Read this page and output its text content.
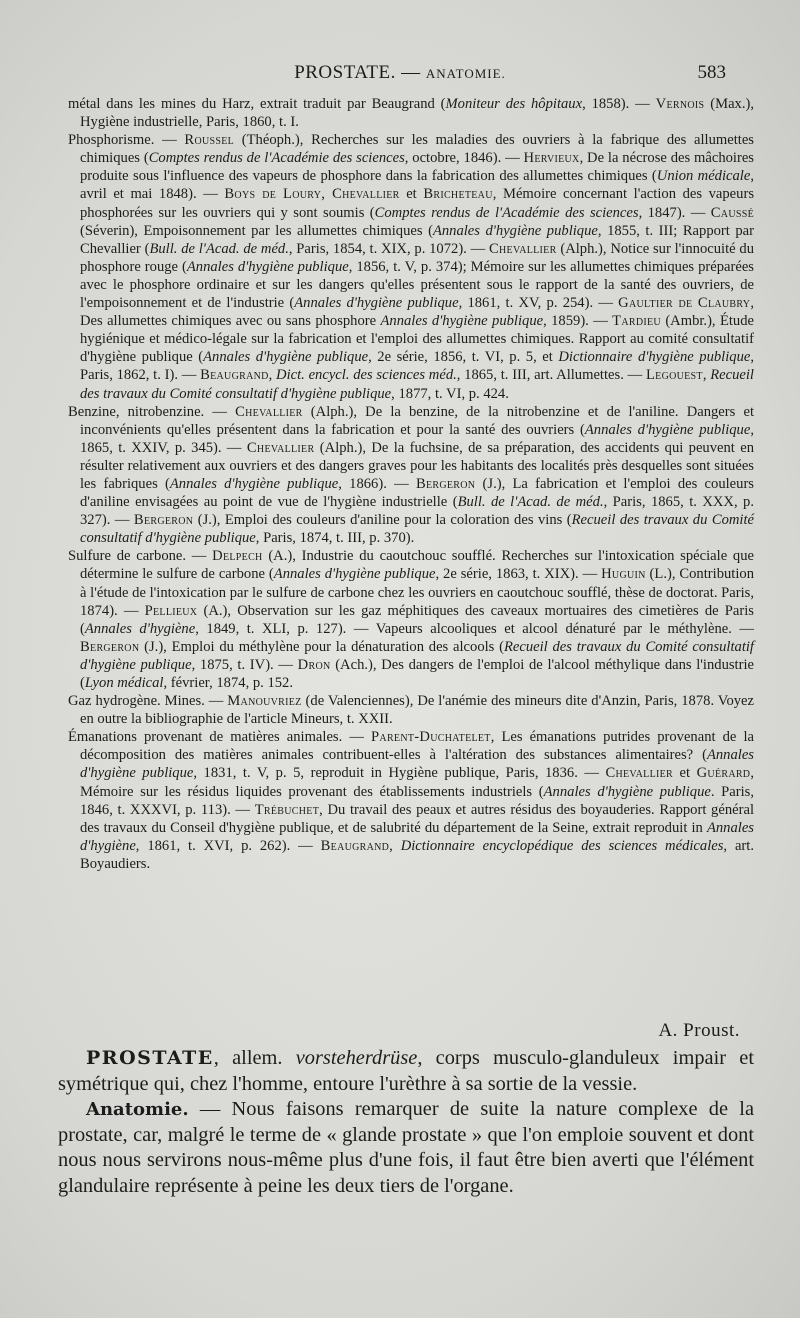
PROSTATE. — ANATOMIE.	583

métal dans les mines du Harz, extrait traduit par Beaugrand (Moniteur des hôpitaux, 1858). — Vernois (Max.), Hygiène industrielle, Paris, 1860, t. I.

Phosphorisme. — Roussel (Théoph.), Recherches sur les maladies des ouvriers à la fabrique des allumettes chimiques (Comptes rendus de l'Académie des sciences, octobre, 1846). — Hervieux, De la nécrose des mâchoires produite sous l'influence des vapeurs de phosphore dans la fabrication des allumettes chimiques (Union médicale, avril et mai 1848). — Boys de Loury, Chevallier et Bricheteau, Mémoire concernant l'action des vapeurs phosphorées sur les ouvriers qui y sont soumis (Comptes rendus de l'Académie des sciences, 1847). — Caussé (Séverin), Empoisonnement par les allumettes chimiques (Annales d'hygiène publique, 1855, t. III; Rapport par Chevallier (Bull. de l'Acad. de méd., Paris, 1854, t. XIX, p. 1072). — Chevallier (Alph.), Notice sur l'innocuité du phosphore rouge (Annales d'hygiène publique, 1856, t. V, p. 374); Mémoire sur les allumettes chimiques préparées avec le phosphore ordinaire et sur les dangers qu'elles présentent sous le rapport de la santé des ouvriers, de l'empoisonnement et de l'industrie (Annales d'hygiène publique, 1861, t. XV, p. 254). — Gaultier de Claubry, Des allumettes chimiques avec ou sans phosphore Annales d'hygiène publique, 1859). — Tardieu (Ambr.), Étude hygiénique et médico-légale sur la fabrication et l'emploi des allumettes chimiques. Rapport au comité consultatif d'hygiène publique (Annales d'hygiène publique, 2e série, 1856, t. VI, p. 5, et Dictionnaire d'hygiène publique, Paris, 1862, t. I). — Beaugrand, Dict. encycl. des sciences méd., 1865, t. III, art. Allumettes. — Legouest, Recueil des travaux du Comité consultatif d'hygiène publique, 1877, t. VI, p. 424.

Benzine, nitrobenzine. — Chevallier (Alph.), De la benzine, de la nitrobenzine et de l'aniline. Dangers et inconvénients qu'elles présentent dans la fabrication et pour la santé des ouvriers (Annales d'hygiène publique, 1865, t. XXIV, p. 345). — Chevallier (Alph.), De la fuchsine, de sa préparation, des accidents qui peuvent en résulter relativement aux ouvriers et des dangers graves pour les habitants des localités près desquelles sont situées les fabriques (Annales d'hygiène publique, 1866). — Bergeron (J.), La fabrication et l'emploi des couleurs d'aniline envisagées au point de vue de l'hygiène industrielle (Bull. de l'Acad. de méd., Paris, 1865, t. XXX, p. 327). — Bergeron (J.), Emploi des couleurs d'aniline pour la coloration des vins (Recueil des travaux du Comité consultatif d'hygiène publique, Paris, 1874, t. III, p. 370).

Sulfure de carbone. — Delpech (A.), Industrie du caoutchouc soufflé. Recherches sur l'intoxication spéciale que détermine le sulfure de carbone (Annales d'hygiène publique, 2e série, 1863, t. XIX). — Huguin (L.), Contribution à l'étude de l'intoxication par le sulfure de carbone chez les ouvriers en caoutchouc soufflé, thèse de doctorat. Paris, 1874). — Pellieux (A.), Observation sur les gaz méphitiques des caveaux mortuaires des cimetières de Paris (Annales d'hygiène, 1849, t. XLI, p. 127). — Vapeurs alcooliques et alcool dénaturé par le méthylène. — Bergeron (J.), Emploi du méthylène pour la dénaturation des alcools (Recueil des travaux du Comité consultatif d'hygiène publique, 1875, t. IV). — Dron (Ach.), Des dangers de l'emploi de l'alcool méthylique dans l'industrie (Lyon médical, février, 1874, p. 152.

Gaz hydrogène. Mines. — Manouvriez (de Valenciennes), De l'anémie des mineurs dite d'Anzin, Paris, 1878. Voyez en outre la bibliographie de l'article Mineurs, t. XXII.

Émanations provenant de matières animales. — Parent-Duchatelet, Les émanations putrides provenant de la décomposition des matières animales contribuent-elles à l'altération des substances alimentaires? (Annales d'hygiène publique, 1831, t. V, p. 5, reproduit in Hygiène publique, Paris, 1836. — Chevallier et Guérard, Mémoire sur les résidus liquides provenant des établissements industriels (Annales d'hygiène publique. Paris, 1846, t. XXXVI, p. 113). — Trébuchet, Du travail des peaux et autres résidus des boyauderies. Rapport général des travaux du Conseil d'hygiène publique, et de salubrité du département de la Seine, extrait reproduit in Annales d'hygiène, 1861, t. XVI, p. 262). — Beaugrand, Dictionnaire encyclopédique des sciences médicales, art. Boyaudiers.

A. Proust.

PROSTATE, allem. vorsteherdrüse, corps musculo-glanduleux impair et symétrique qui, chez l'homme, entoure l'urèthre à sa sortie de la vessie.

Anatomie. — Nous faisons remarquer de suite la nature complexe de la prostate, car, malgré le terme de « glande prostate » que l'on emploie souvent et dont nous nous servirons nous-même plus d'une fois, il faut être bien averti que l'élément glandulaire représente à peine les deux tiers de l'organe.
